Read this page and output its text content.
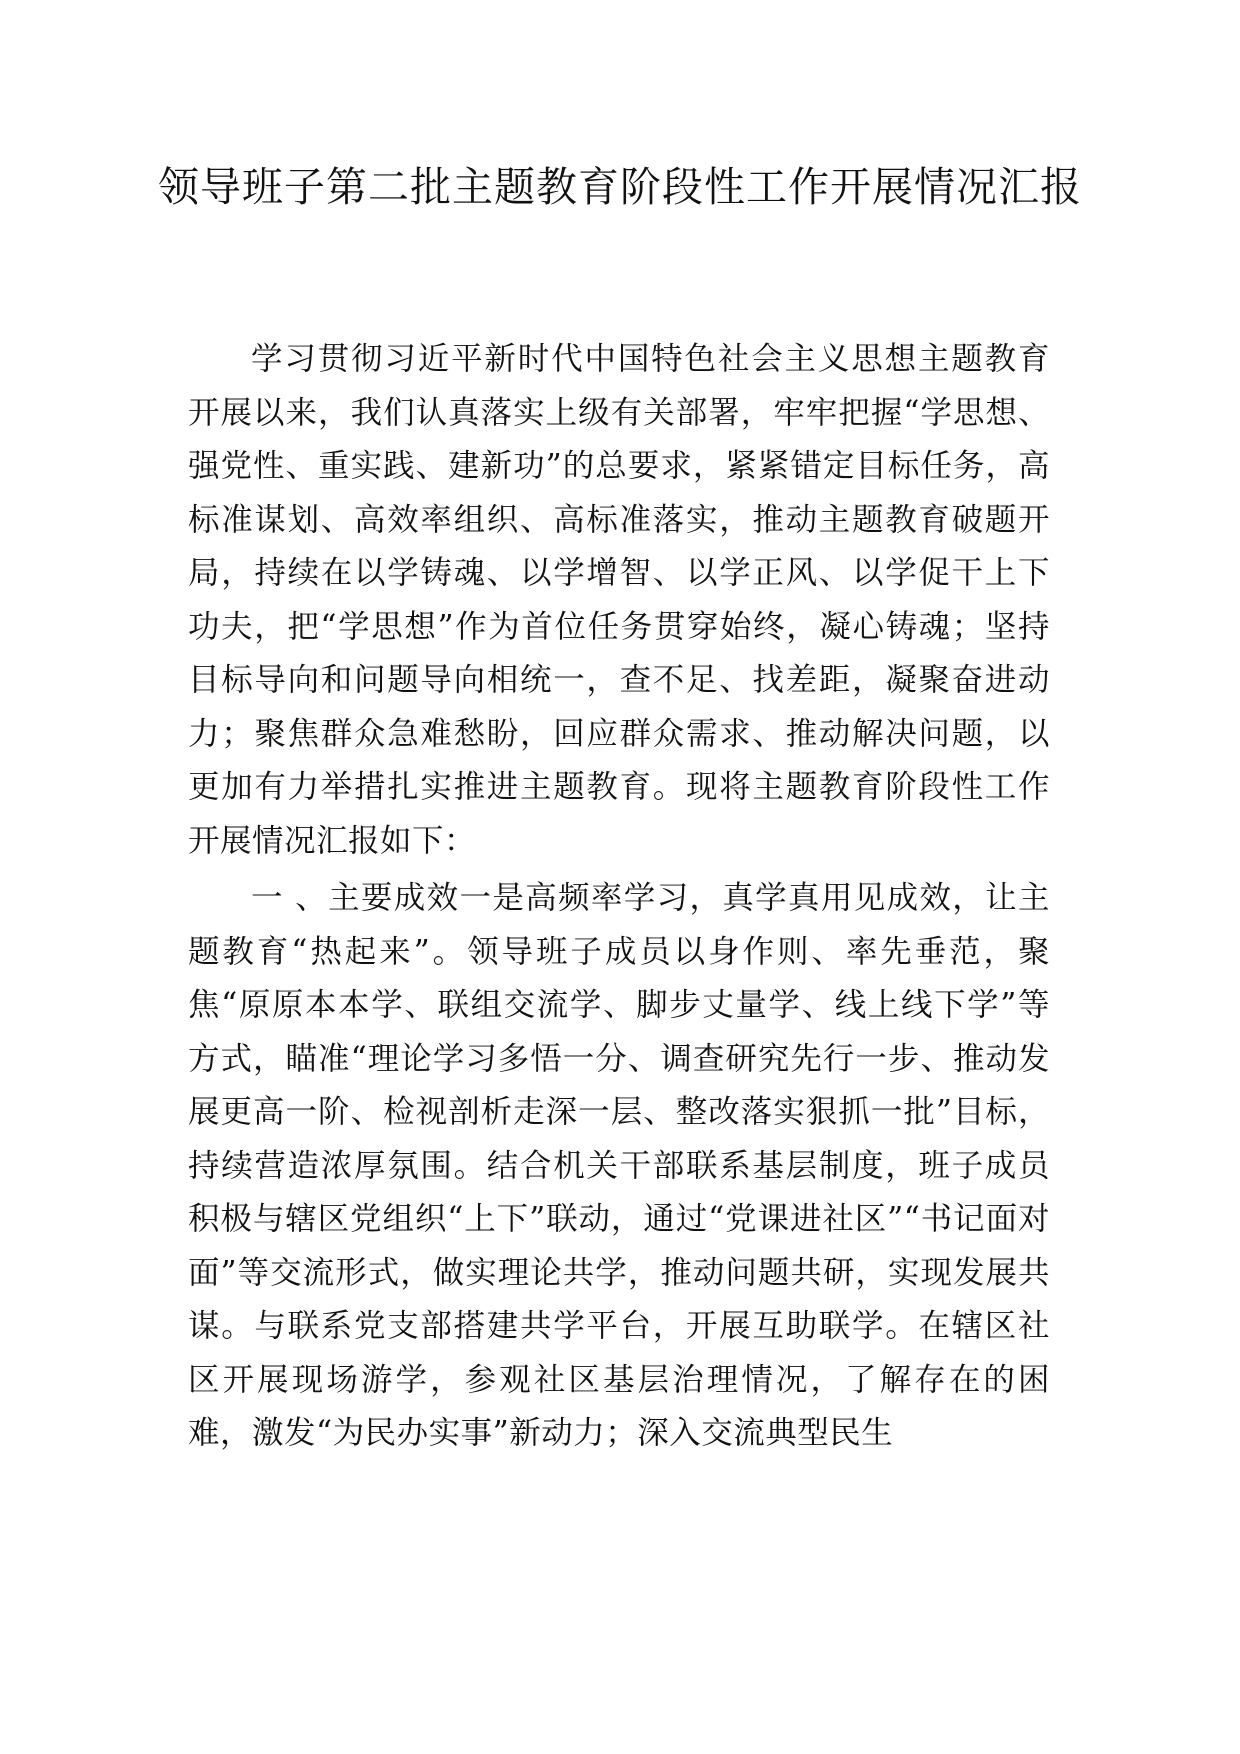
领导班子第二批主题教育阶段性工作开展情况汇报

学习贯彻习近平新时代中国特色社会主义思想主题教育开展以来，我们认真落实上级有关部署，牢牢把握“学思想、强党性、重实践、建新功”的总要求，紧紧错定目标任务，高标准谋划、高效率组织、高标准落实，推动主题教育破题开局，持续在以学铸魂、以学增智、以学正风、以学促干上下功夫，把“学思想”作为首位任务贯穿始终，凝心铸魂；坚持目标导向和问题导向相统一，查不足、找差距，凝聚奋进动力；聚焦群众急难愁盼，回应群众需求、推动解决问题，以更加有力举措扎实推进主题教育。现将主题教育阶段性工作开展情况汇报如下：

一 、主要成效一是高频率学习，真学真用见成效，让主题教育“热起来”。领导班子成员以身作则、率先垂范，聚焦“原原本本学、联组交流学、脚步丈量学、线上线下学”等方式，瞄准“理论学习多悟一分、调查研究先行一步、推动发展更高一阶、检视剖析走深一层、整改落实狠抓一批”目标，持续营造浓厚氛围。结合机关干部联系基层制度，班子成员积极与辖区党组织“上下”联动，通过“党课进社区”“书记面对面”等交流形式，做实理论共学，推动问题共研，实现发展共谋。与联系党支部搭建共学平台，开展互助联学。在辖区社区开展现场游学，参观社区基层治理情况，了解存在的困难，激发“为民办实事”新动力；深入交流典型民生
